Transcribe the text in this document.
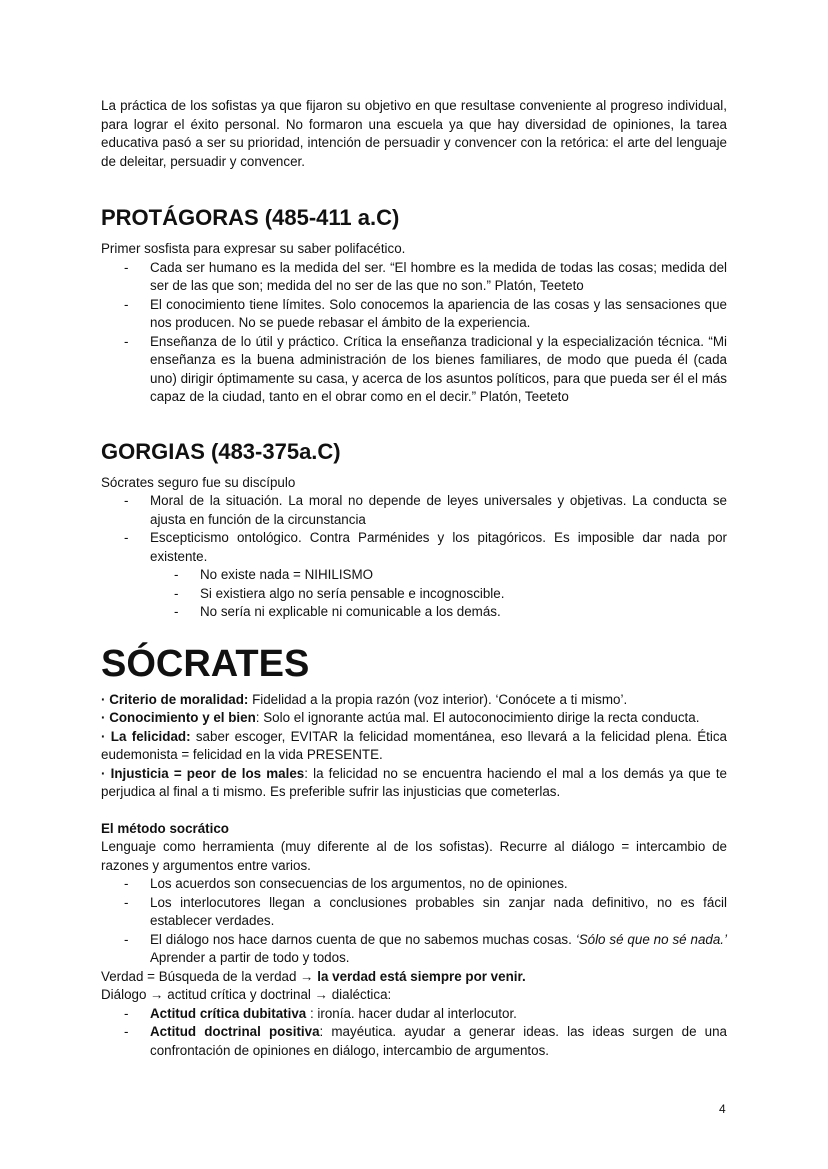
La práctica de los sofistas ya que fijaron su objetivo en que resultase conveniente al progreso individual, para lograr el éxito personal. No formaron una escuela ya que hay diversidad de opiniones, la tarea educativa pasó a ser su prioridad, intención de persuadir y convencer con la retórica: el arte del lenguaje de deleitar, persuadir y convencer.

PROTÁGORAS (485-411 a.C)

Primer sosfista para expresar su saber polifacético.

- Cada ser humano es la medida del ser. “El hombre es la medida de todas las cosas; medida del ser de las que son; medida del no ser de las que no son.” Platón, Teeteto
- El conocimiento tiene límites. Solo conocemos la apariencia de las cosas y las sensaciones que nos producen. No se puede rebasar el ámbito de la experiencia.
- Enseñanza de lo útil y práctico. Crítica la enseñanza tradicional y la especialización técnica. “Mi enseñanza es la buena administración de los bienes familiares, de modo que pueda él (cada uno) dirigir óptimamente su casa, y acerca de los asuntos políticos, para que pueda ser él el más capaz de la ciudad, tanto en el obrar como en el decir.” Platón, Teeteto
GORGIAS (483-375a.C)

Sócrates seguro fue su discípulo

- Moral de la situación. La moral no depende de leyes universales y objetivas. La conducta se ajusta en función de la circunstancia
- Escepticismo ontológico. Contra Parménides y los pitagóricos. Es imposible dar nada por existente.
- No existe nada = NIHILISMO
- Si existiera algo no sería pensable e incognoscible.
- No sería ni explicable ni comunicable a los demás.
SÓCRATES

· Criterio de moralidad: Fidelidad a la propia razón (voz interior). ‘Conócete a ti mismo’.

· Conocimiento y el bien: Solo el ignorante actúa mal. El autoconocimiento dirige la recta conducta.

· La felicidad: saber escoger, EVITAR la felicidad momentánea, eso llevará a la felicidad plena. Ética eudemonista = felicidad en la vida PRESENTE.

· Injusticia = peor de los males: la felicidad no se encuentra haciendo el mal a los demás ya que te perjudica al final a ti mismo. Es preferible sufrir las injusticias que cometerlas.

El método socrático

Lenguaje como herramienta (muy diferente al de los sofistas). Recurre al diálogo = intercambio de razones y argumentos entre varios.

- Los acuerdos son consecuencias de los argumentos, no de opiniones.
- Los interlocutores llegan a conclusiones probables sin zanjar nada definitivo, no es fácil establecer verdades.
- El diálogo nos hace darnos cuenta de que no sabemos muchas cosas. ‘Sólo sé que no sé nada.’ Aprender a partir de todo y todos.

Verdad = Búsqueda de la verdad → la verdad está siempre por venir.

Diálogo → actitud crítica y doctrinal → dialéctica:

- Actitud crítica dubitativa : ironía. hacer dudar al interlocutor.
- Actitud doctrinal positiva: mayéutica. ayudar a generar ideas. las ideas surgen de una confrontación de opiniones en diálogo, intercambio de argumentos.
4
